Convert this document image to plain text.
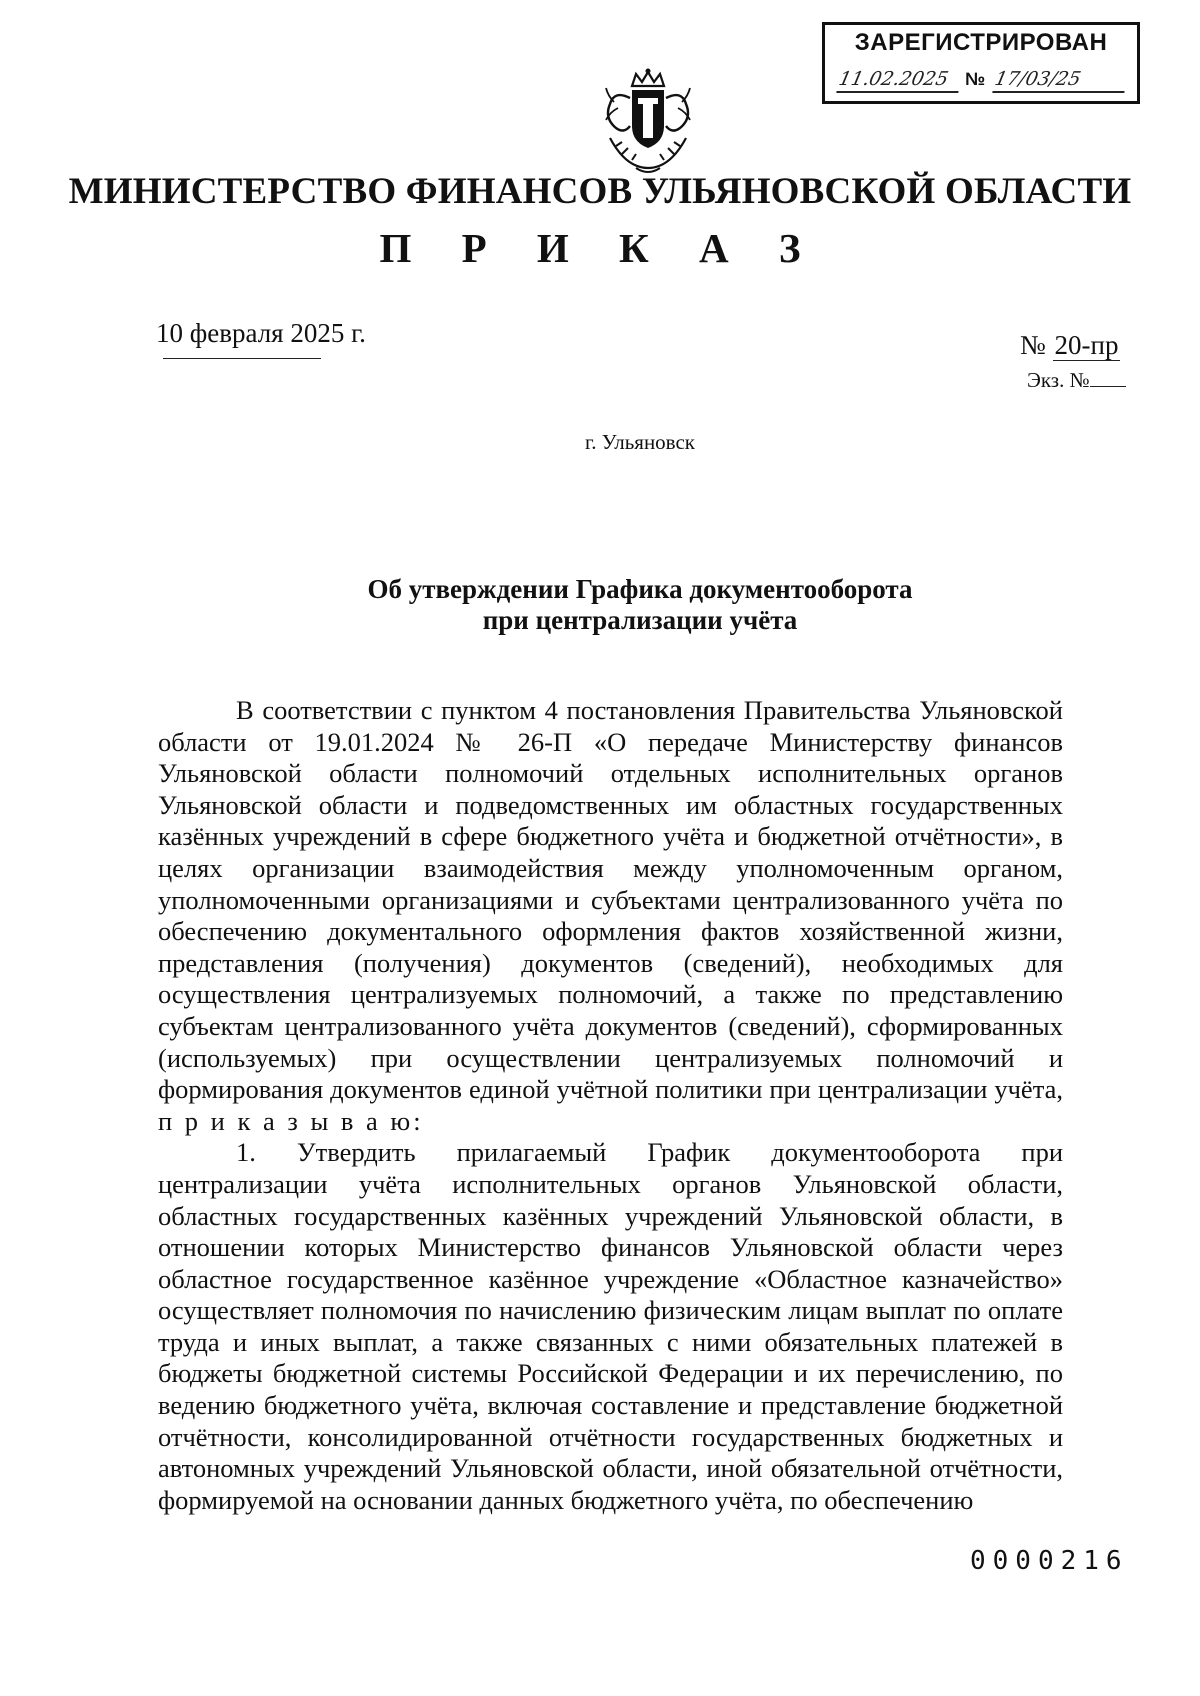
ЗАРЕГИСТРИРОВАН
11.02.2025 № 17/03/25
МИНИСТЕРСТВО ФИНАНСОВ УЛЬЯНОВСКОЙ ОБЛАСТИ
П Р И К А З
10 февраля 2025 г.	№ 20-пр
Экз. №
г. Ульяновск
Об утверждении Графика документооборота
при централизации учёта

В соответствии с пунктом 4 постановления Правительства Ульяновской области от 19.01.2024 № 26-П «О передаче Министерству финансов Ульяновской области полномочий отдельных исполнительных органов Ульяновской области и подведомственных им областных государственных казённых учреждений в сфере бюджетного учёта и бюджетной отчётности», в целях организации взаимодействия между уполномоченным органом, уполномоченными организациями и субъектами централизованного учёта по обеспечению документального оформления фактов хозяйственной жизни, представления (получения) документов (сведений), необходимых для осуществления централизуемых полномочий, а также по представлению субъектам централизованного учёта документов (сведений), сформированных (используемых) при осуществлении централизуемых полномочий и формирования документов единой учётной политики при централизации учёта, п р и к а з ы в а ю:

1. Утвердить прилагаемый График документооборота при централизации учёта исполнительных органов Ульяновской области, областных государственных казённых учреждений Ульяновской области, в отношении которых Министерство финансов Ульяновской области через областное государственное казённое учреждение «Областное казначейство» осуществляет полномочия по начислению физическим лицам выплат по оплате труда и иных выплат, а также связанных с ними обязательных платежей в бюджеты бюджетной системы Российской Федерации и их перечислению, по ведению бюджетного учёта, включая составление и представление бюджетной отчётности, консолидированной отчётности государственных бюджетных и автономных учреждений Ульяновской области, иной обязательной отчётности, формируемой на основании данных бюджетного учёта, по обеспечению

0000216
